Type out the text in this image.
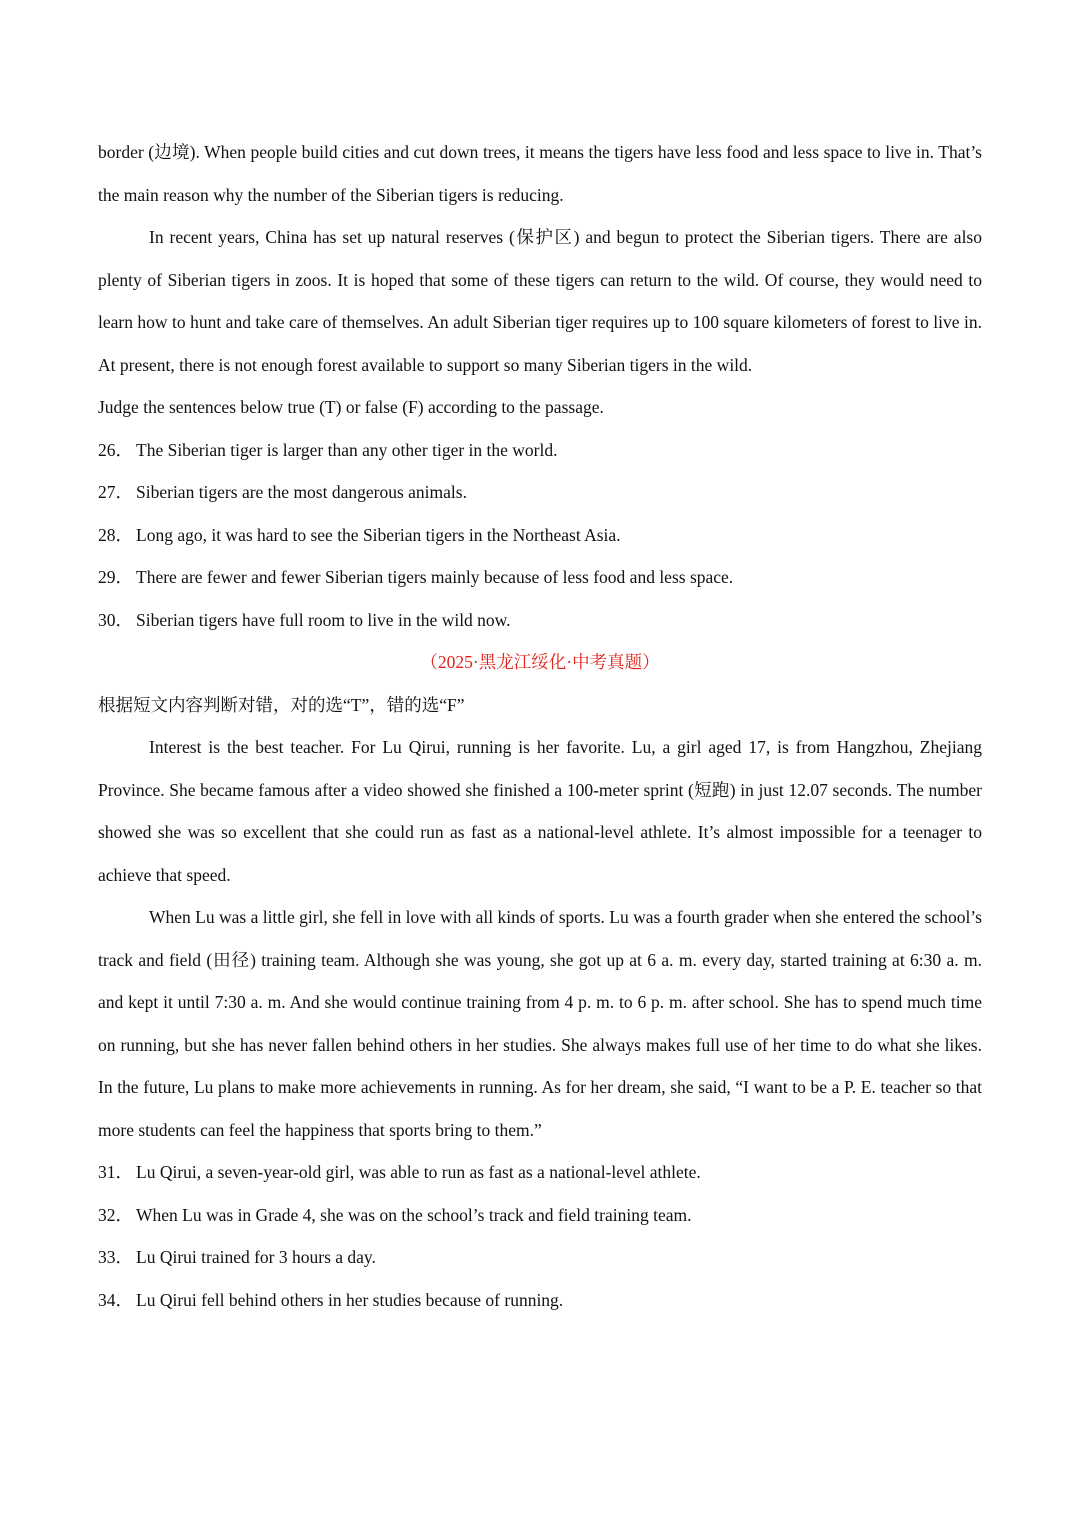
border (边境). When people build cities and cut down trees, it means the tigers have less food and less space to live in. That’s the main reason why the number of the Siberian tigers is reducing.

In recent years, China has set up natural reserves (保护区) and begun to protect the Siberian tigers. There are also plenty of Siberian tigers in zoos. It is hoped that some of these tigers can return to the wild. Of course, they would need to learn how to hunt and take care of themselves. An adult Siberian tiger requires up to 100 square kilometers of forest to live in. At present, there is not enough forest available to support so many Siberian tigers in the wild.

Judge the sentences below true (T) or false (F) according to the passage.

26． The Siberian tiger is larger than any other tiger in the world.

27． Siberian tigers are the most dangerous animals.

28． Long ago, it was hard to see the Siberian tigers in the Northeast Asia.

29． There are fewer and fewer Siberian tigers mainly because of less food and less space.

30． Siberian tigers have full room to live in the wild now.

（2025·黑龙江绥化·中考真题）

根据短文内容判断对错，对的选“T”，错的选“F”

Interest is the best teacher. For Lu Qirui, running is her favorite. Lu, a girl aged 17, is from Hangzhou, Zhejiang Province. She became famous after a video showed she finished a 100-meter sprint (短跑) in just 12.07 seconds. The number showed she was so excellent that she could run as fast as a national-level athlete. It’s almost impossible for a teenager to achieve that speed.

When Lu was a little girl, she fell in love with all kinds of sports. Lu was a fourth grader when she entered the school’s track and field (田径) training team. Although she was young, she got up at 6 a. m. every day, started training at 6:30 a. m. and kept it until 7:30 a. m. And she would continue training from 4 p. m. to 6 p. m. after school. She has to spend much time on running, but she has never fallen behind others in her studies. She always makes full use of her time to do what she likes. In the future, Lu plans to make more achievements in running. As for her dream, she said, “I want to be a P. E. teacher so that more students can feel the happiness that sports bring to them.”

31． Lu Qirui, a seven-year-old girl, was able to run as fast as a national-level athlete.

32． When Lu was in Grade 4, she was on the school’s track and field training team.

33． Lu Qirui trained for 3 hours a day.

34． Lu Qirui fell behind others in her studies because of running.
